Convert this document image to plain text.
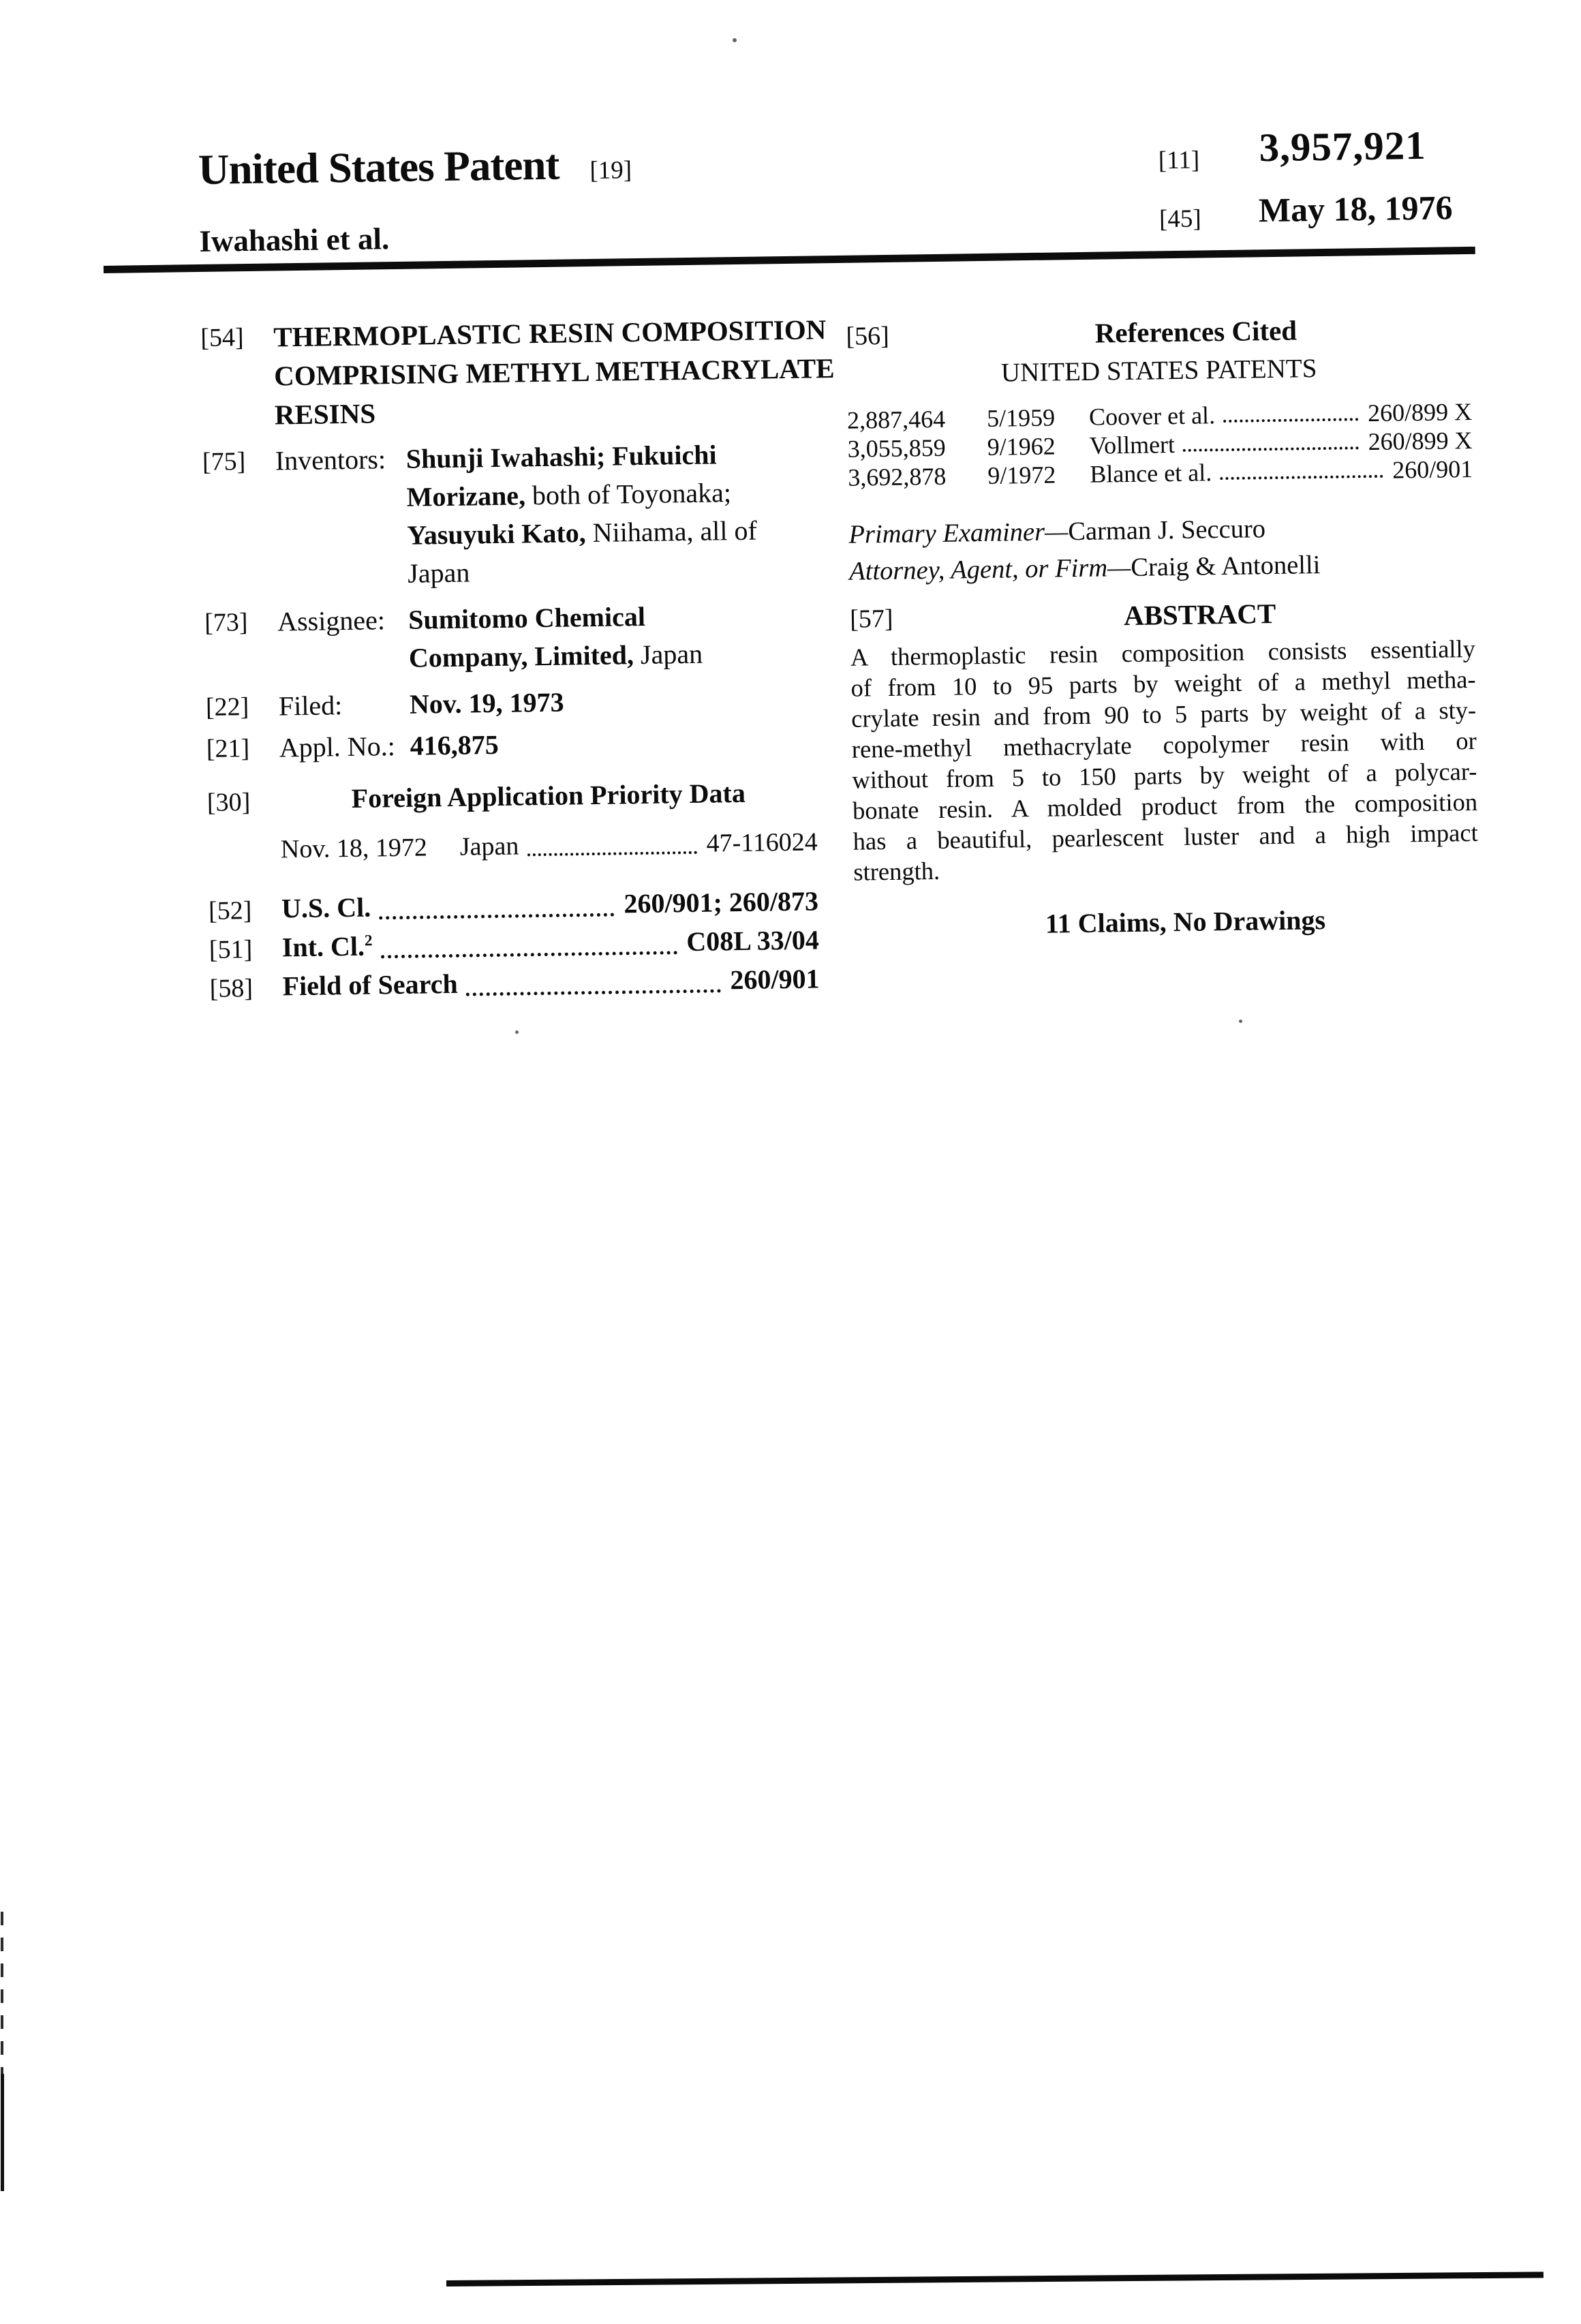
United States Patent [19]
Iwahashi et al.
[11] 3,957,921
[45] May 18, 1976
[54]	THERMOPLASTIC RESIN COMPOSITION
COMPRISING METHYL METHACRYLATE
RESINS
[75]	Inventors: Shunji Iwahashi; Fukuichi Morizane, both of Toyonaka; Yasuyuki Kato, Niihama, all of Japan
[73]	Assignee: Sumitomo Chemical Company, Limited, Japan
[22]	Filed:	Nov. 19, 1973
[21]	Appl. No.: 416,875
[30]	Foreign Application Priority Data
Nov. 18, 1972 Japan	47-116024
[52]	U.S. Cl.	260/901; 260/873
[51]	Int. Cl.$^2$	C08L 33/04
[58]	Field of Search	260/901
[56]	References Cited
UNITED STATES PATENTS
2,887,464	5/1959	Coover et al.	260/899 X
3,055,859	9/1962	Vollmert	260/899 X
3,692,878	9/1972	Blance et al.	260/901
Primary Examiner—Carman J. Seccuro
Attorney, Agent, or Firm—Craig & Antonelli
[57]	ABSTRACT
A thermoplastic resin composition consists essentially
of from 10 to 95 parts by weight of a methyl metha-
crylate resin and from 90 to 5 parts by weight of a sty-
rene-methyl methacrylate copolymer resin with or
without from 5 to 150 parts by weight of a polycar-
bonate resin. A molded product from the composition
has a beautiful, pearlescent luster and a high impact
strength.
11 Claims, No Drawings
